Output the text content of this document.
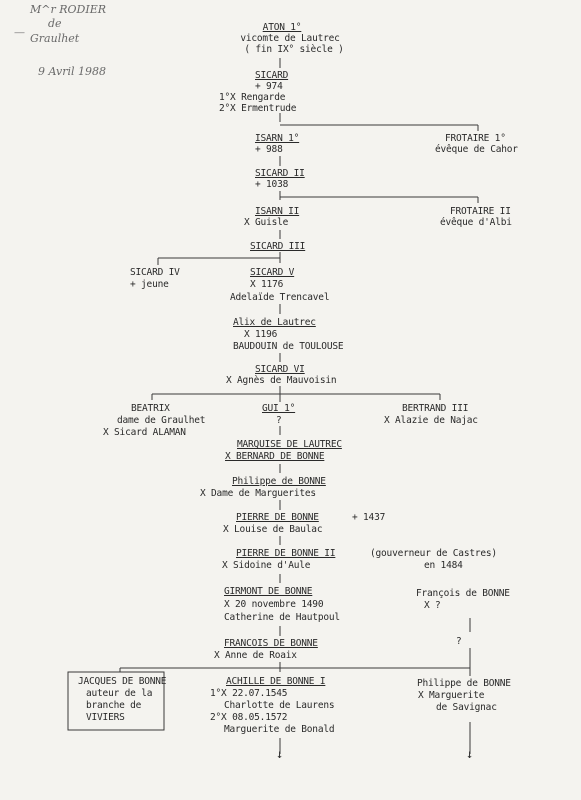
M^r RODIER
de
Graulhet
9 Avril 1988
—	ATON 1°
vicomte de Lautrec
( fin IX° siècle )
SICARD
+ 974
1°X Rengarde
2°X Ermentrude
ISARN 1°
+ 988
FROTAIRE 1°
évêque de Cahor
SICARD II
+ 1038
ISARN II
X Guisle
FROTAIRE II
évêque d'Albi
SICARD III
SICARD IV
+ jeune
SICARD V
X 1176
Adelaïde Trencavel
Alix de Lautrec
X 1196
BAUDOUIN de TOULOUSE
SICARD VI
X Agnès de Mauvoisin
BEATRIX
dame de Graulhet
X Sicard ALAMAN
GUI 1°
?
BERTRAND III
X Alazie de Najac
MARQUISE DE LAUTREC
X BERNARD DE BONNE
Philippe de BONNE
X Dame de Marguerites
PIERRE DE BONNE	+ 1437
X Louise de Baulac
PIERRE DE BONNE II	(gouverneur de Castres)
X Sidoine d'Aule	en 1484
GIRMONT DE BONNE
X 20 novembre 1490
Catherine de Hautpoul
François de BONNE
X ?
?
FRANCOIS DE BONNE
X Anne de Roaix
JACQUES DE BONNE
auteur de la
branche de
VIVIERS
ACHILLE DE BONNE I
1°X 22.07.1545
Charlotte de Laurens
2°X 08.05.1572
Marguerite de Bonald
Philippe de BONNE
X Marguerite
de Savignac
↓	↓
